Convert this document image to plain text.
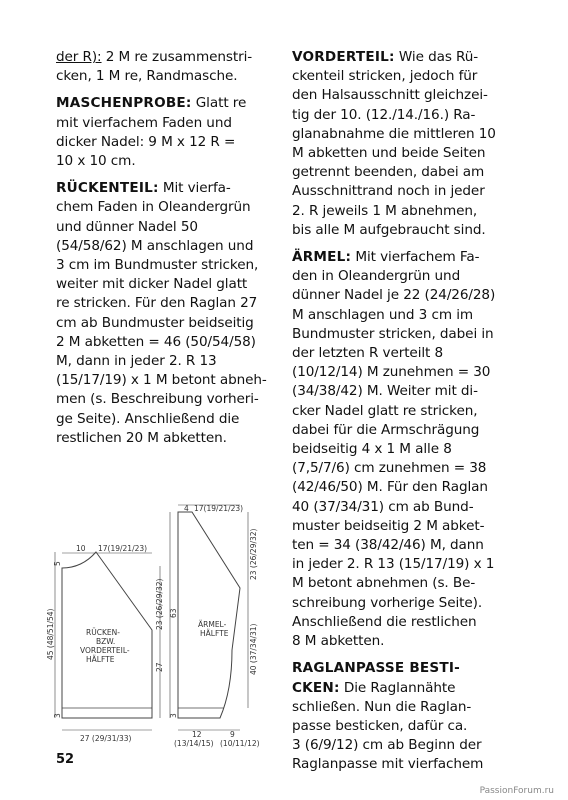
der R): 2 M re zusammenstri-
cken, 1 M re, Randmasche.

MASCHENPROBE: Glatt re
mit vierfachem Faden und
dicker Nadel: 9 M x 12 R =
10 x 10 cm.

RÜCKENTEIL: Mit vierfa-
chem Faden in Oleandergrün
und dünner Nadel 50
(54/58/62) M anschlagen und
3 cm im Bundmuster stricken,
weiter mit dicker Nadel glatt
re stricken. Für den Raglan 27
cm ab Bundmuster beidseitig
2 M abketten = 46 (50/54/58)
M, dann in jeder 2. R 13
(15/17/19) x 1 M betont abneh-
men (s. Beschreibung vorheri-
ge Seite). Anschließend die
restlichen 20 M abketten.

VORDERTEIL: Wie das Rü-
ckenteil stricken, jedoch für
den Halsausschnitt gleichzei-
tig der 10. (12./14./16.) Ra-
glanabnahme die mittleren 10
M abketten und beide Seiten
getrennt beenden, dabei am
Ausschnittrand noch in jeder
2. R jeweils 1 M abnehmen,
bis alle M aufgebraucht sind.

ÄRMEL: Mit vierfachem Fa-
den in Oleandergrün und
dünner Nadel je 22 (24/26/28)
M anschlagen und 3 cm im
Bundmuster stricken, dabei in
der letzten R verteilt 8
(10/12/14) M zunehmen = 30
(34/38/42) M. Weiter mit di-
cker Nadel glatt re stricken,
dabei für die Armschrägung
beidseitig 4 x 1 M alle 8
(7,5/7/6) cm zunehmen = 38
(42/46/50) M. Für den Raglan
40 (37/34/31) cm ab Bund-
muster beidseitig 2 M abket-
ten = 34 (38/42/46) M, dann
in jeder 2. R 13 (15/17/19) x 1
M betont abnehmen (s. Be-
schreibung vorherige Seite).
Anschließend die restlichen
8 M abketten.

RAGLANPASSE BESTI-
CKEN: Die Raglannähte
schließen. Nun die Raglan-
passe besticken, dafür ca.
3 (6/9/12) cm ab Beginn der
Raglanpasse mit vierfachem

10 17(19/21/23)
5
45 (48/51/54)
23 (26/29/32)
27
3
27 (29/31/33)
RÜCKEN- BZW. VORDERTEIL- HÄLFTE
4 17(19/21/23)
23 (26/29/32)
63
40 (37/34/31)
3
ÄRMEL- HÄLFTE
12
(13/14/15)
9
(10/11/12)
52
PassionForum.ru
